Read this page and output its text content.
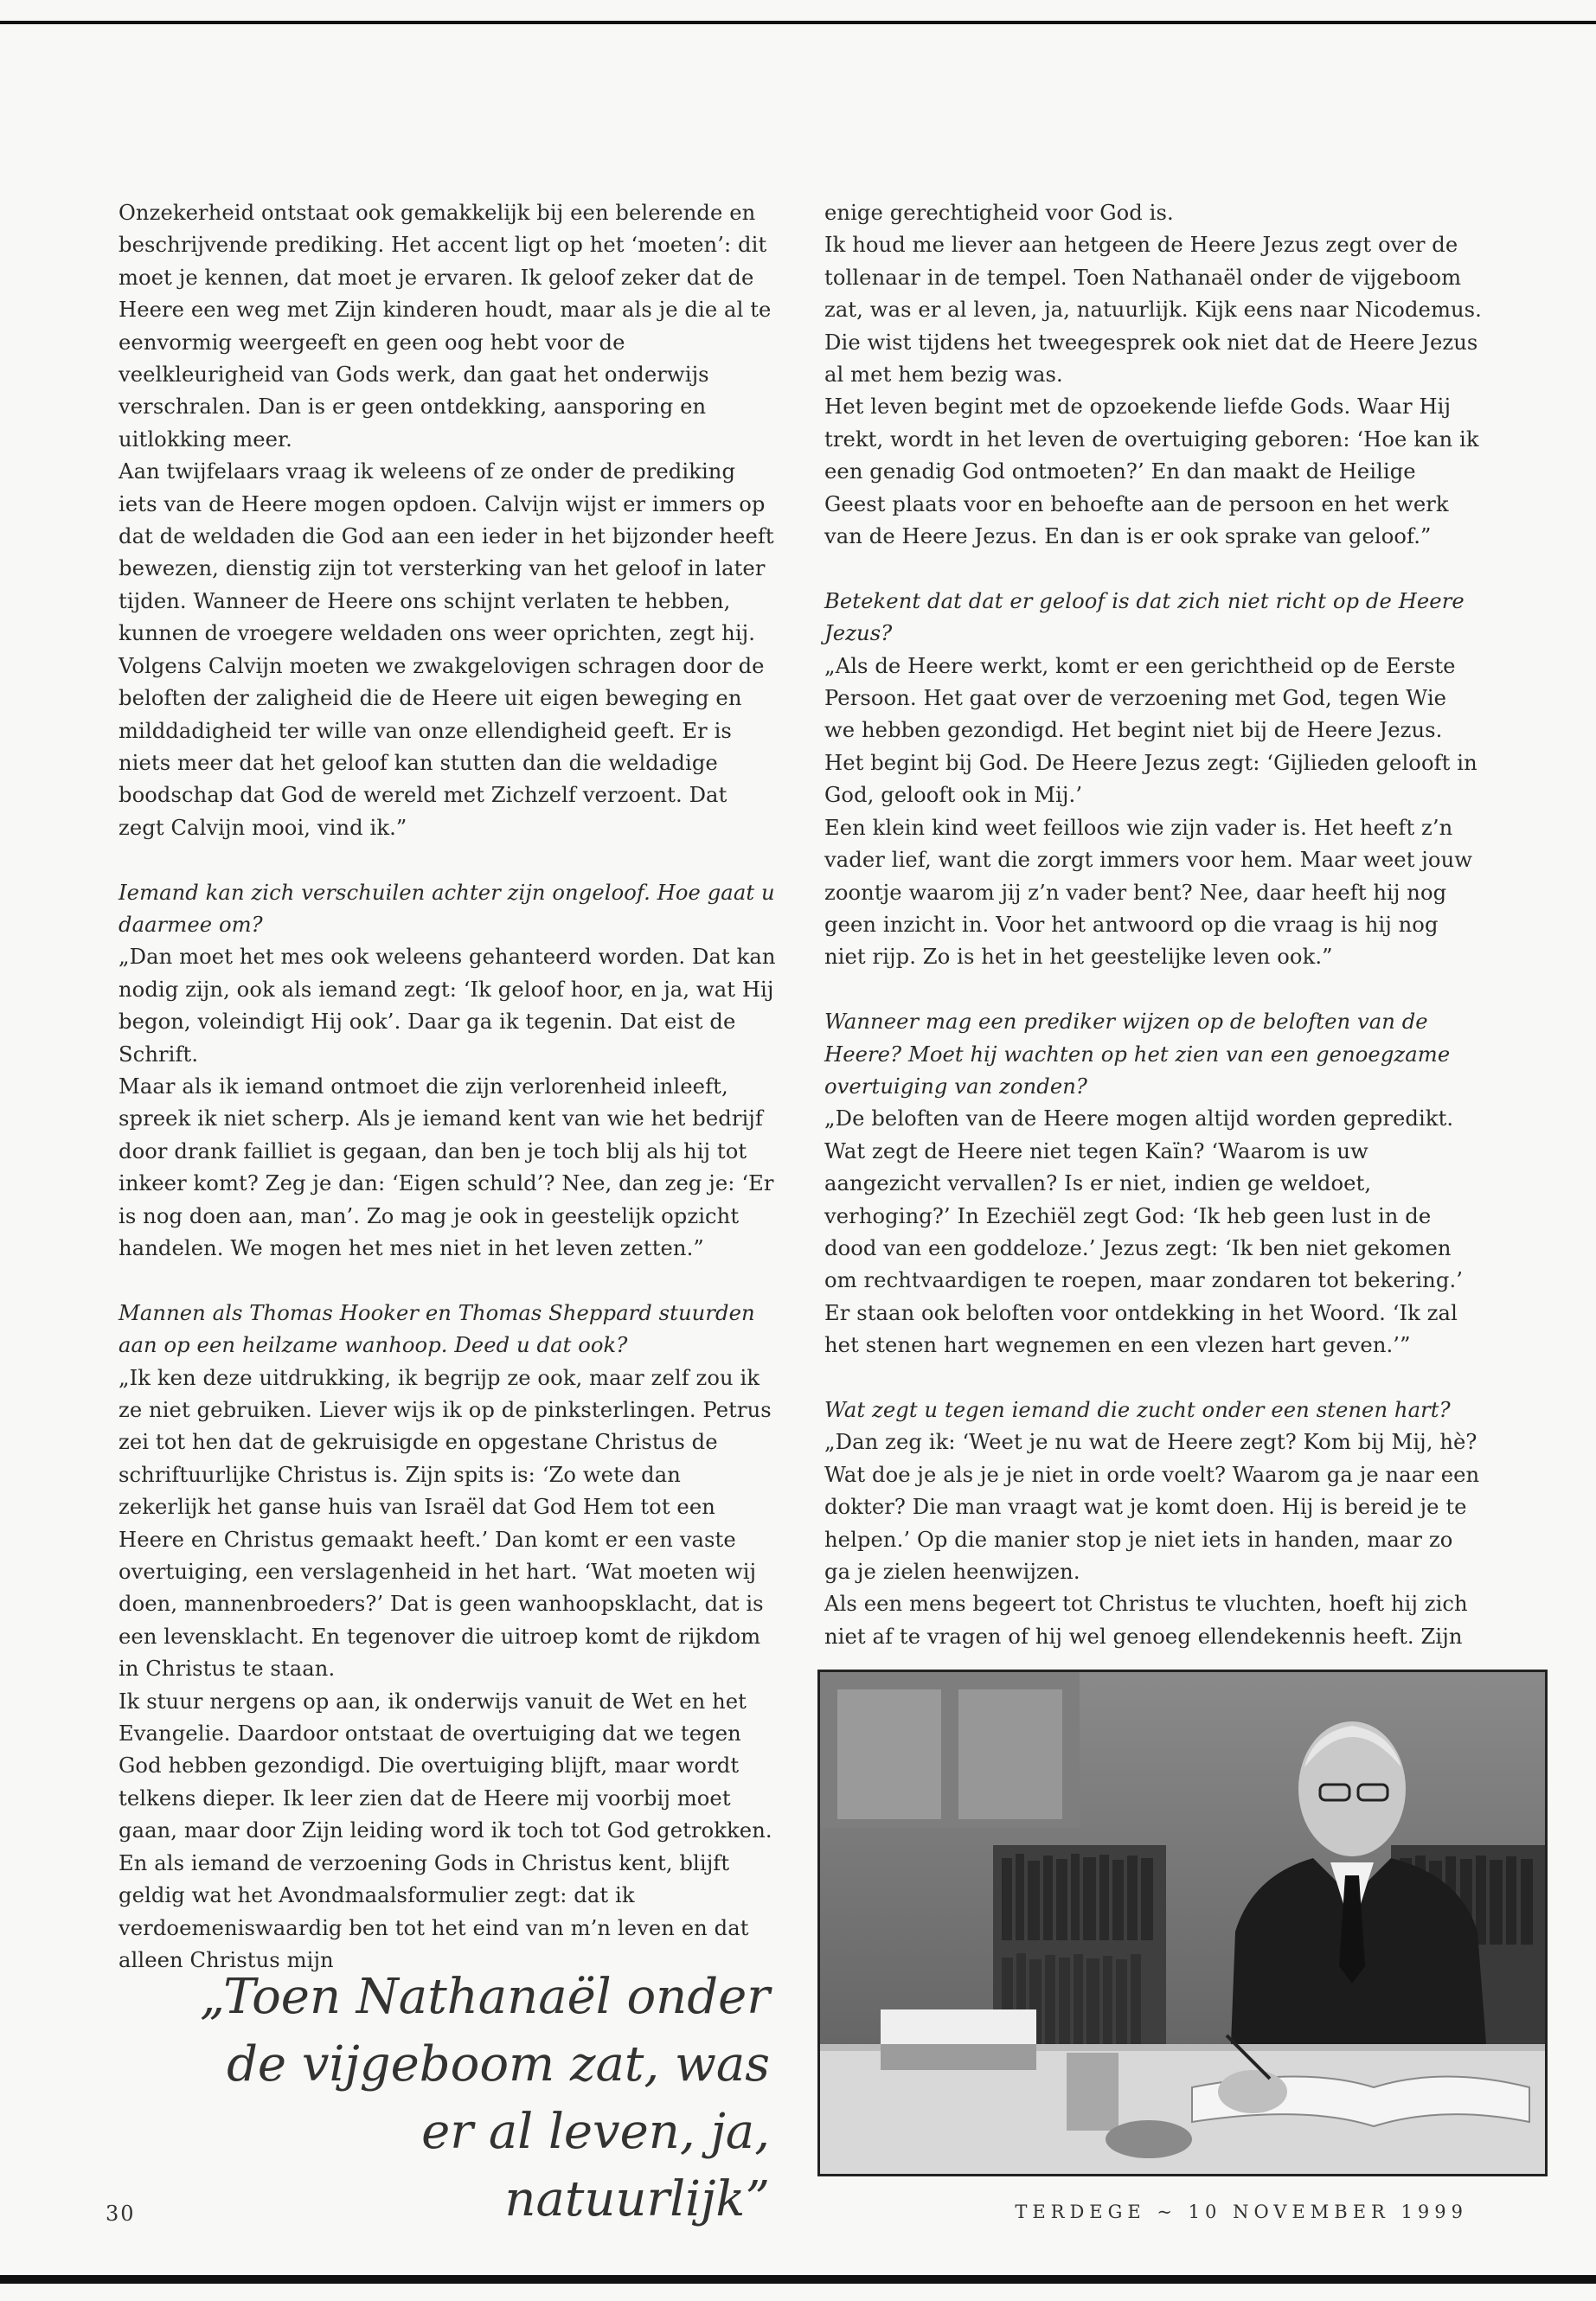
Onzekerheid ontstaat ook gemakkelijk bij een belerende en beschrijvende prediking. Het accent ligt op het ‘moeten’: dit moet je kennen, dat moet je ervaren. Ik geloof zeker dat de Heere een weg met Zijn kinderen houdt, maar als je die al te eenvormig weergeeft en geen oog hebt voor de veelkleurigheid van Gods werk, dan gaat het onderwijs verschralen. Dan is er geen ontdekking, aansporing en uitlokking meer.

Aan twijfelaars vraag ik weleens of ze onder de prediking iets van de Heere mogen opdoen. Calvijn wijst er immers op dat de weldaden die God aan een ieder in het bijzonder heeft bewezen, dienstig zijn tot versterking van het geloof in later tijden. Wanneer de Heere ons schijnt verlaten te hebben, kunnen de vroegere weldaden ons weer oprichten, zegt hij. Volgens Calvijn moeten we zwakgelovigen schragen door de beloften der zaligheid die de Heere uit eigen beweging en milddadigheid ter wille van onze ellendigheid geeft. Er is niets meer dat het geloof kan stutten dan die weldadige boodschap dat God de wereld met Zichzelf verzoent. Dat zegt Calvijn mooi, vind ik.”

Iemand kan zich verschuilen achter zijn ongeloof. Hoe gaat u daarmee om?

„Dan moet het mes ook weleens gehanteerd worden. Dat kan nodig zijn, ook als iemand zegt: ‘Ik geloof hoor, en ja, wat Hij begon, voleindigt Hij ook’. Daar ga ik tegenin. Dat eist de Schrift.

Maar als ik iemand ontmoet die zijn verlorenheid inleeft, spreek ik niet scherp. Als je iemand kent van wie het bedrijf door drank failliet is gegaan, dan ben je toch blij als hij tot inkeer komt? Zeg je dan: ‘Eigen schuld’? Nee, dan zeg je: ‘Er is nog doen aan, man’. Zo mag je ook in geestelijk opzicht handelen. We mogen het mes niet in het leven zetten.”

Mannen als Thomas Hooker en Thomas Sheppard stuurden aan op een heilzame wanhoop. Deed u dat ook?

„Ik ken deze uitdrukking, ik begrijp ze ook, maar zelf zou ik ze niet gebruiken. Liever wijs ik op de pinksterlingen. Petrus zei tot hen dat de gekruisigde en opgestane Christus de schriftuurlijke Christus is. Zijn spits is: ‘Zo wete dan zekerlijk het ganse huis van Israël dat God Hem tot een Heere en Christus gemaakt heeft.’ Dan komt er een vaste overtuiging, een verslagenheid in het hart. ‘Wat moeten wij doen, mannenbroeders?’ Dat is geen wanhoopsklacht, dat is een levensklacht. En tegenover die uitroep komt de rijkdom in Christus te staan.

Ik stuur nergens op aan, ik onderwijs vanuit de Wet en het Evangelie. Daardoor ontstaat de overtuiging dat we tegen God hebben gezondigd. Die overtuiging blijft, maar wordt telkens dieper. Ik leer zien dat de Heere mij voorbij moet gaan, maar door Zijn leiding word ik toch tot God getrokken. En als iemand de verzoening Gods in Christus kent, blijft geldig wat het Avondmaalsformulier zegt: dat ik verdoemeniswaardig ben tot het eind van m’n leven en dat alleen Christus mijn

enige gerechtigheid voor God is.

Ik houd me liever aan hetgeen de Heere Jezus zegt over de tollenaar in de tempel. Toen Nathanaël onder de vijgeboom zat, was er al leven, ja, natuurlijk. Kijk eens naar Nicodemus. Die wist tijdens het tweegesprek ook niet dat de Heere Jezus al met hem bezig was.

Het leven begint met de opzoekende liefde Gods. Waar Hij trekt, wordt in het leven de overtuiging geboren: ‘Hoe kan ik een genadig God ontmoeten?’ En dan maakt de Heilige Geest plaats voor en behoefte aan de persoon en het werk van de Heere Jezus. En dan is er ook sprake van geloof.”

Betekent dat dat er geloof is dat zich niet richt op de Heere Jezus?

„Als de Heere werkt, komt er een gerichtheid op de Eerste Persoon. Het gaat over de verzoening met God, tegen Wie we hebben gezondigd. Het begint niet bij de Heere Jezus. Het begint bij God. De Heere Jezus zegt: ‘Gijlieden gelooft in God, gelooft ook in Mij.’

Een klein kind weet feilloos wie zijn vader is. Het heeft z’n vader lief, want die zorgt immers voor hem. Maar weet jouw zoontje waarom jij z’n vader bent? Nee, daar heeft hij nog geen inzicht in. Voor het antwoord op die vraag is hij nog niet rijp. Zo is het in het geestelijke leven ook.”

Wanneer mag een prediker wijzen op de beloften van de Heere? Moet hij wachten op het zien van een genoegzame overtuiging van zonden?

„De beloften van de Heere mogen altijd worden gepredikt. Wat zegt de Heere niet tegen Kaïn? ‘Waarom is uw aangezicht vervallen? Is er niet, indien ge weldoet, verhoging?’ In Ezechiël zegt God: ‘Ik heb geen lust in de dood van een goddeloze.’ Jezus zegt: ‘Ik ben niet gekomen om rechtvaardigen te roepen, maar zondaren tot bekering.’ Er staan ook beloften voor ontdekking in het Woord. ‘Ik zal het stenen hart wegnemen en een vlezen hart geven.’”

Wat zegt u tegen iemand die zucht onder een stenen hart?

„Dan zeg ik: ‘Weet je nu wat de Heere zegt? Kom bij Mij, hè? Wat doe je als je je niet in orde voelt? Waarom ga je naar een dokter? Die man vraagt wat je komt doen. Hij is bereid je te helpen.’ Op die manier stop je niet iets in handen, maar zo ga je zielen heenwijzen.

Als een mens begeert tot Christus te vluchten, hoeft hij zich niet af te vragen of hij wel genoeg ellendekennis heeft. Zijn

„Toen Nathanaël onder de vijgeboom zat, was er al leven, ja, natuurlijk”
30	TERDEGE ~ 10 NOVEMBER 1999
